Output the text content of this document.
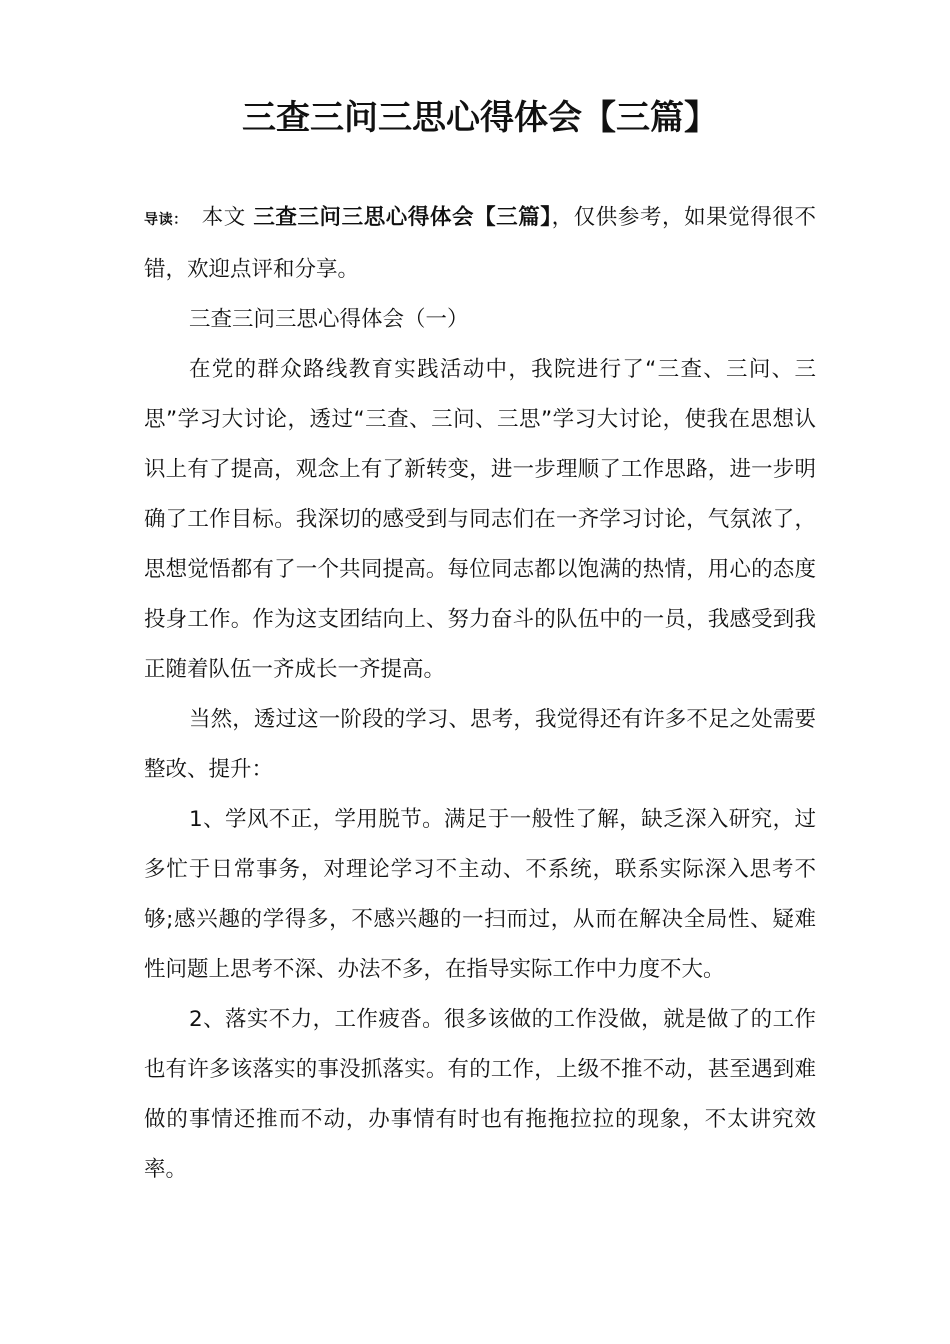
三查三问三思心得体会【三篇】

导读： 本文 三查三问三思心得体会【三篇】，仅供参考，如果觉得很不错，欢迎点评和分享。

三查三问三思心得体会（一）

在党的群众路线教育实践活动中，我院进行了“三查、三问、三思”学习大讨论，透过“三查、三问、三思”学习大讨论，使我在思想认识上有了提高，观念上有了新转变，进一步理顺了工作思路，进一步明确了工作目标。我深切的感受到与同志们在一齐学习讨论，气氛浓了，思想觉悟都有了一个共同提高。每位同志都以饱满的热情，用心的态度投身工作。作为这支团结向上、努力奋斗的队伍中的一员，我感受到我正随着队伍一齐成长一齐提高。

当然，透过这一阶段的学习、思考，我觉得还有许多不足之处需要整改、提升：

1、学风不正，学用脱节。满足于一般性了解，缺乏深入研究，过多忙于日常事务，对理论学习不主动、不系统，联系实际深入思考不够;感兴趣的学得多，不感兴趣的一扫而过，从而在解决全局性、疑难性问题上思考不深、办法不多，在指导实际工作中力度不大。

2、落实不力，工作疲沓。很多该做的工作没做，就是做了的工作也有许多该落实的事没抓落实。有的工作，上级不推不动，甚至遇到难做的事情还推而不动，办事情有时也有拖拖拉拉的现象，不太讲究效率。
